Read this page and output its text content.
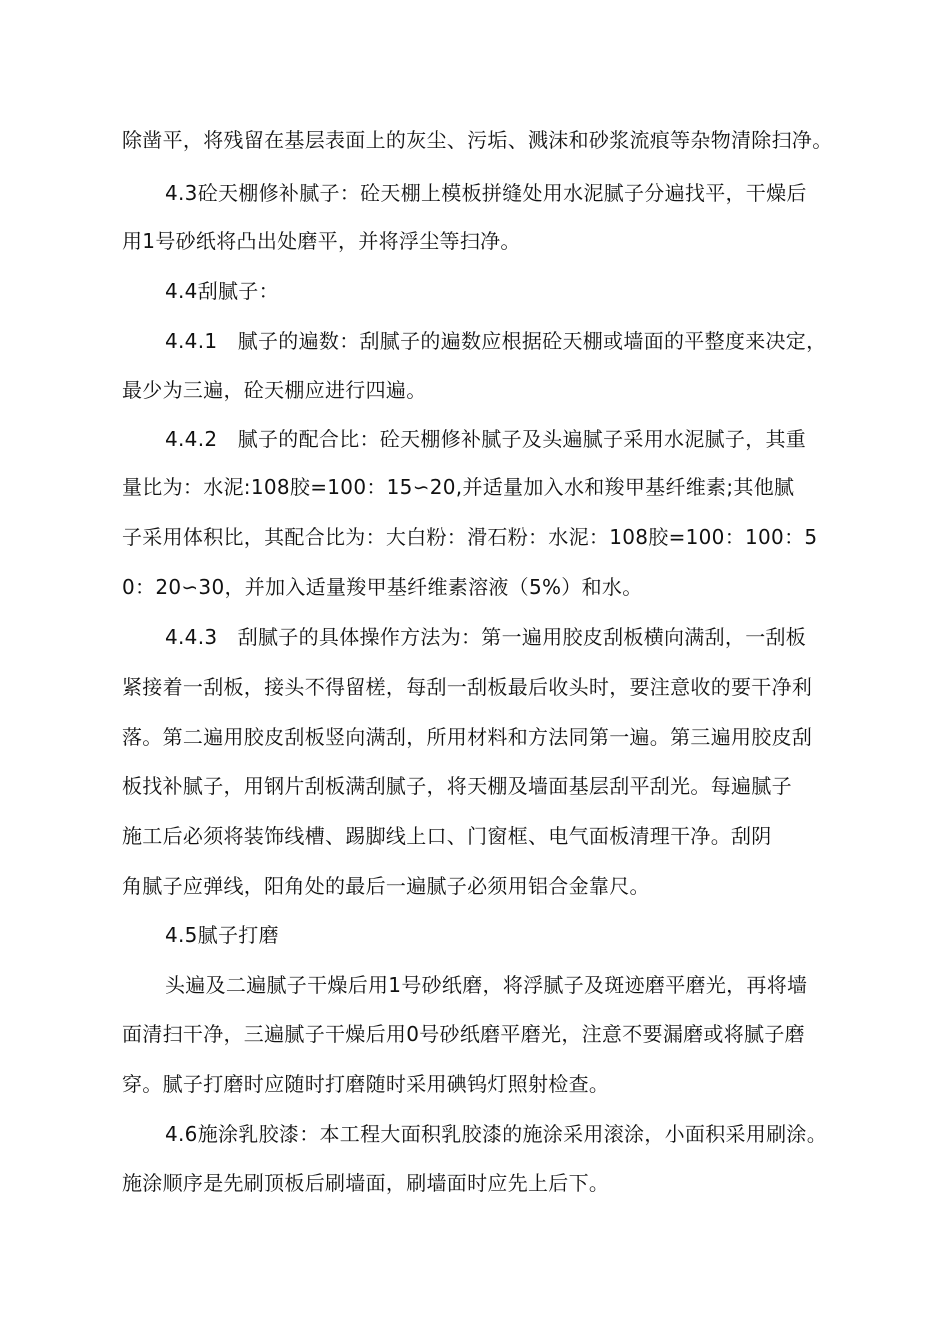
除凿平，将残留在基层表面上的灰尘、污垢、溅沫和砂浆流痕等杂物清除扫净。
4.3砼天棚修补腻子：砼天棚上模板拼缝处用水泥腻子分遍找平，干燥后
用1号砂纸将凸出处磨平，并将浮尘等扫净。
4.4刮腻子：
4.4.1　腻子的遍数：刮腻子的遍数应根据砼天棚或墙面的平整度来决定，
最少为三遍，砼天棚应进行四遍。
4.4.2　腻子的配合比：砼天棚修补腻子及头遍腻子采用水泥腻子，其重
量比为：水泥:108胶=100：15∽20,并适量加入水和羧甲基纤维素;其他腻
子采用体积比，其配合比为：大白粉：滑石粉：水泥：108胶=100：100：5
0：20∽30，并加入适量羧甲基纤维素溶液（5%）和水。
4.4.3　刮腻子的具体操作方法为：第一遍用胶皮刮板横向满刮，一刮板
紧接着一刮板，接头不得留槎，每刮一刮板最后收头时，要注意收的要干净利
落。第二遍用胶皮刮板竖向满刮，所用材料和方法同第一遍。第三遍用胶皮刮
板找补腻子，用钢片刮板满刮腻子，将天棚及墙面基层刮平刮光。每遍腻子
施工后必须将装饰线槽、踢脚线上口、门窗框、电气面板清理干净。刮阴
角腻子应弹线，阳角处的最后一遍腻子必须用铝合金靠尺。
4.5腻子打磨
头遍及二遍腻子干燥后用1号砂纸磨，将浮腻子及斑迹磨平磨光，再将墙
面清扫干净，三遍腻子干燥后用0号砂纸磨平磨光，注意不要漏磨或将腻子磨
穿。腻子打磨时应随时打磨随时采用碘钨灯照射检查。
4.6施涂乳胶漆：本工程大面积乳胶漆的施涂采用滚涂，小面积采用刷涂。
施涂顺序是先刷顶板后刷墙面，刷墙面时应先上后下。
